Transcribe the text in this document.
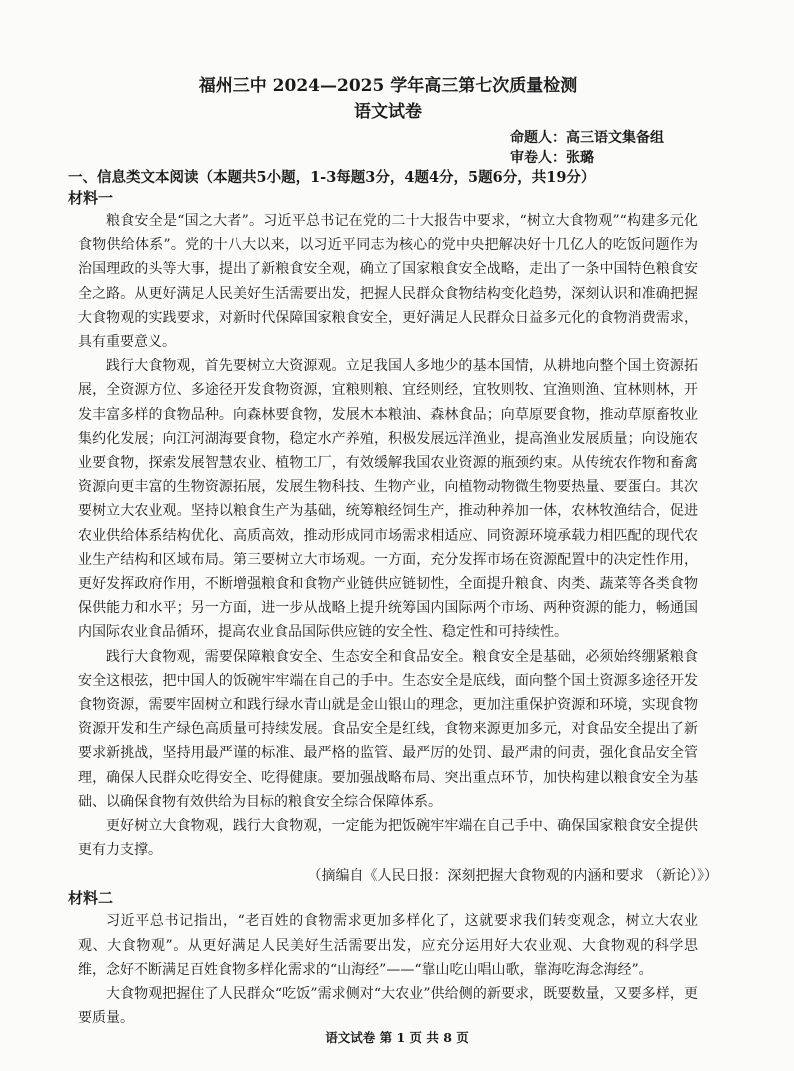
福州三中 2024—2025 学年高三第七次质量检测
语文试卷
命题人：高三语文集备组
审卷人：张璐
一、信息类文本阅读（本题共5小题，1-3每题3分，4题4分，5题6分，共19分）
材料一

粮食安全是“国之大者”。习近平总书记在党的二十大报告中要求，“树立大食物观”“构建多元化食物供给体系”。党的十八大以来，以习近平同志为核心的党中央把解决好十几亿人的吃饭问题作为治国理政的头等大事，提出了新粮食安全观，确立了国家粮食安全战略，走出了一条中国特色粮食安全之路。从更好满足人民美好生活需要出发，把握人民群众食物结构变化趋势，深刻认识和准确把握大食物观的实践要求，对新时代保障国家粮食安全，更好满足人民群众日益多元化的食物消费需求，具有重要意义。

践行大食物观，首先要树立大资源观。立足我国人多地少的基本国情，从耕地向整个国土资源拓展，全资源方位、多途径开发食物资源，宜粮则粮、宜经则经，宜牧则牧、宜渔则渔、宜林则林，开发丰富多样的食物品种。向森林要食物，发展木本粮油、森林食品；向草原要食物，推动草原畜牧业集约化发展；向江河湖海要食物，稳定水产养殖，积极发展远洋渔业，提高渔业发展质量；向设施农业要食物，探索发展智慧农业、植物工厂，有效缓解我国农业资源的瓶颈约束。从传统农作物和畜禽资源向更丰富的生物资源拓展，发展生物科技、生物产业，向植物动物微生物要热量、要蛋白。其次要树立大农业观。坚持以粮食生产为基础，统筹粮经饲生产，推动种养加一体，农林牧渔结合，促进农业供给体系结构优化、高质高效，推动形成同市场需求相适应、同资源环境承载力相匹配的现代农业生产结构和区域布局。第三要树立大市场观。一方面，充分发挥市场在资源配置中的决定性作用，更好发挥政府作用，不断增强粮食和食物产业链供应链韧性，全面提升粮食、肉类、蔬菜等各类食物保供能力和水平；另一方面，进一步从战略上提升统筹国内国际两个市场、两种资源的能力，畅通国内国际农业食品循环，提高农业食品国际供应链的安全性、稳定性和可持续性。

践行大食物观，需要保障粮食安全、生态安全和食品安全。粮食安全是基础，必须始终绷紧粮食安全这根弦，把中国人的饭碗牢牢端在自己的手中。生态安全是底线，面向整个国土资源多途径开发食物资源，需要牢固树立和践行绿水青山就是金山银山的理念，更加注重保护资源和环境，实现食物资源开发和生产绿色高质量可持续发展。食品安全是红线，食物来源更加多元，对食品安全提出了新要求新挑战，坚持用最严谨的标准、最严格的监管、最严厉的处罚、最严肃的问责，强化食品安全管理，确保人民群众吃得安全、吃得健康。要加强战略布局、突出重点环节，加快构建以粮食安全为基础、以确保食物有效供给为目标的粮食安全综合保障体系。

更好树立大食物观，践行大食物观，一定能为把饭碗牢牢端在自己手中、确保国家粮食安全提供更有力支撑。

（摘编自《人民日报：深刻把握大食物观的内涵和要求 （新论）》）
材料二

习近平总书记指出，“老百姓的食物需求更加多样化了，这就要求我们转变观念，树立大农业观、大食物观”。从更好满足人民美好生活需要出发，应充分运用好大农业观、大食物观的科学思维，念好不断满足百姓食物多样化需求的“山海经”——“靠山吃山唱山歌，靠海吃海念海经”。

大食物观把握住了人民群众“吃饭”需求侧对“大农业”供给侧的新要求，既要数量，又要多样，更要质量。

语文试卷 第 1 页 共 8 页
